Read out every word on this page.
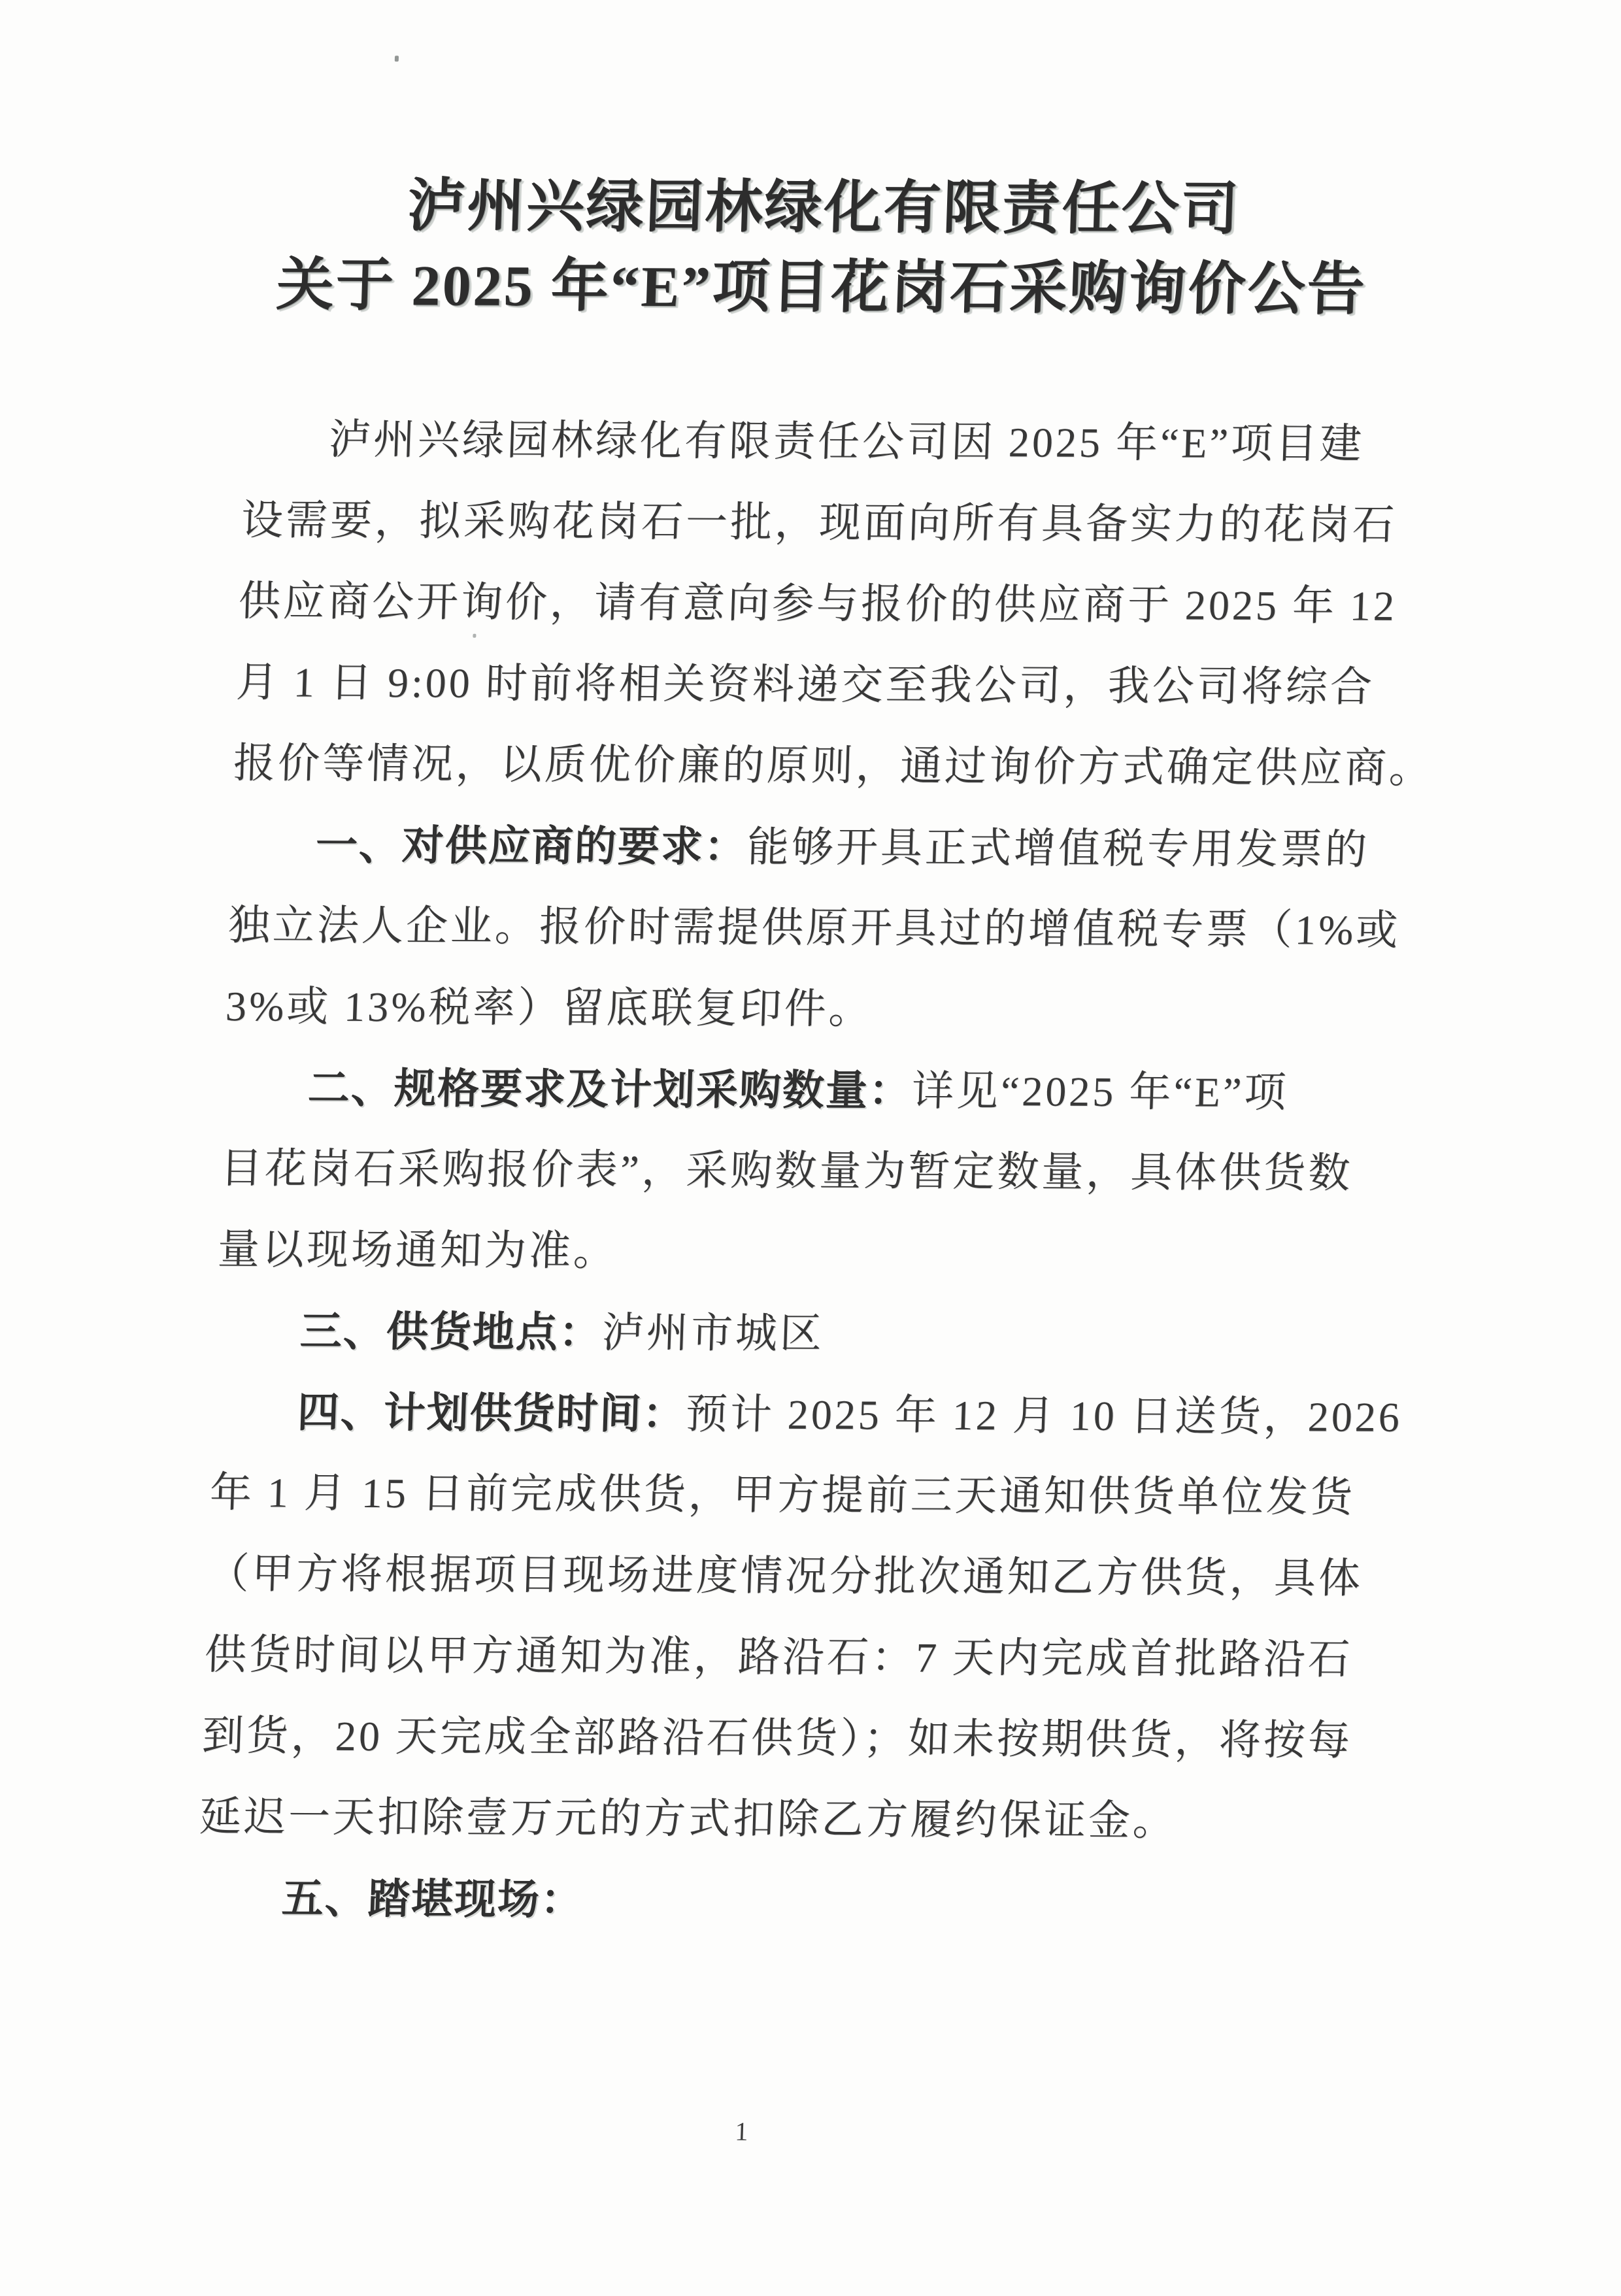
泸州兴绿园林绿化有限责任公司
关于 2025 年“E”项目花岗石采购询价公告
泸州兴绿园林绿化有限责任公司因 2025 年“E”项目建
设需要，拟采购花岗石一批，现面向所有具备实力的花岗石
供应商公开询价，请有意向参与报价的供应商于 2025 年 12
月 1 日 9:00 时前将相关资料递交至我公司，我公司将综合
报价等情况，以质优价廉的原则，通过询价方式确定供应商。
一、对供应商的要求：能够开具正式增值税专用发票的
独立法人企业。报价时需提供原开具过的增值税专票（1%或
3%或 13%税率）留底联复印件。
二、规格要求及计划采购数量：详见“2025 年“E”项
目花岗石采购报价表”，采购数量为暂定数量，具体供货数
量以现场通知为准。
三、供货地点：泸州市城区
四、计划供货时间：预计 2025 年 12 月 10 日送货，2026
年 1 月 15 日前完成供货，甲方提前三天通知供货单位发货
（甲方将根据项目现场进度情况分批次通知乙方供货，具体
供货时间以甲方通知为准，路沿石：7 天内完成首批路沿石
到货，20 天完成全部路沿石供货）；如未按期供货，将按每
延迟一天扣除壹万元的方式扣除乙方履约保证金。
五、踏堪现场：
1
